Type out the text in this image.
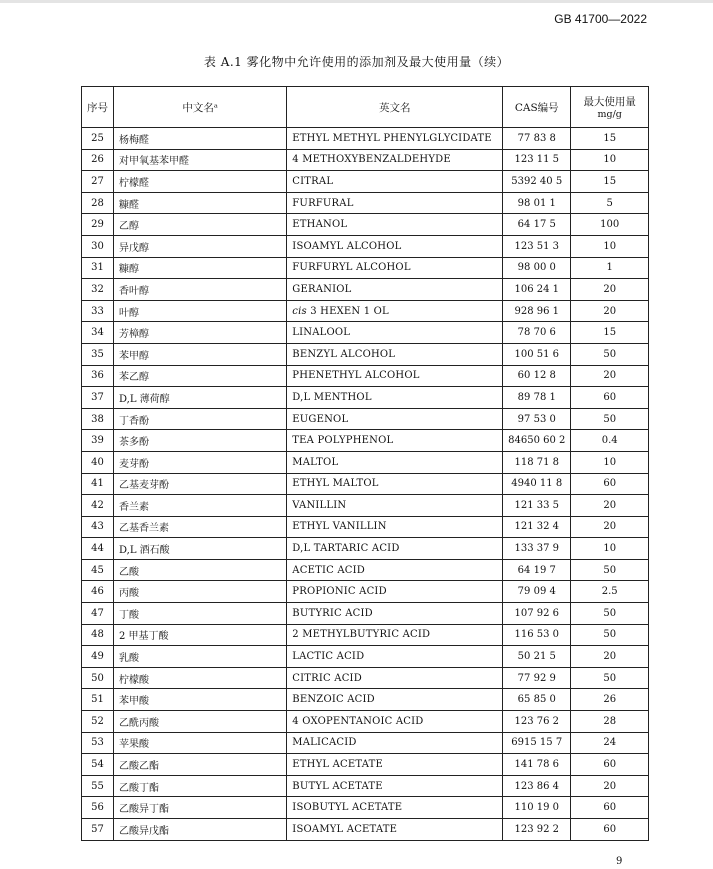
GB 41700—2022
表 A.1 雾化物中允许使用的添加剂及最大使用量（续）
序号	中文名ᵃ	英文名	CAS编号	最大使用量
mg/g

25	杨梅醛	ETHYL METHYL PHENYLGLYCIDATE	77 83 8	15
26	对甲氧基苯甲醛	4 METHOXYBENZALDEHYDE	123 11 5	10
27	柠檬醛	CITRAL	5392 40 5	15
28	糠醛	FURFURAL	98 01 1	5
29	乙醇	ETHANOL	64 17 5	100
30	异戊醇	ISOAMYL ALCOHOL	123 51 3	10
31	糠醇	FURFURYL ALCOHOL	98 00 0	1
32	香叶醇	GERANIOL	106 24 1	20
33	叶醇	cis 3 HEXEN 1 OL	928 96 1	20
34	芳樟醇	LINALOOL	78 70 6	15
35	苯甲醇	BENZYL ALCOHOL	100 51 6	50
36	苯乙醇	PHENETHYL ALCOHOL	60 12 8	20
37	D,L 薄荷醇	D,L MENTHOL	89 78 1	60
38	丁香酚	EUGENOL	97 53 0	50
39	茶多酚	TEA POLYPHENOL	84650 60 2	0.4
40	麦芽酚	MALTOL	118 71 8	10
41	乙基麦芽酚	ETHYL MALTOL	4940 11 8	60
42	香兰素	VANILLIN	121 33 5	20
43	乙基香兰素	ETHYL VANILLIN	121 32 4	20
44	D,L 酒石酸	D,L TARTARIC ACID	133 37 9	10
45	乙酸	ACETIC ACID	64 19 7	50
46	丙酸	PROPIONIC ACID	79 09 4	2.5
47	丁酸	BUTYRIC ACID	107 92 6	50
48	2 甲基丁酸	2 METHYLBUTYRIC ACID	116 53 0	50
49	乳酸	LACTIC ACID	50 21 5	20
50	柠檬酸	CITRIC ACID	77 92 9	50
51	苯甲酸	BENZOIC ACID	65 85 0	26
52	乙酰丙酸	4 OXOPENTANOIC ACID	123 76 2	28
53	苹果酸	MALICACID	6915 15 7	24
54	乙酸乙酯	ETHYL ACETATE	141 78 6	60
55	乙酸丁酯	BUTYL ACETATE	123 86 4	20
56	乙酸异丁酯	ISOBUTYL ACETATE	110 19 0	60
57	乙酸异戊酯	ISOAMYL ACETATE	123 92 2	60
9
